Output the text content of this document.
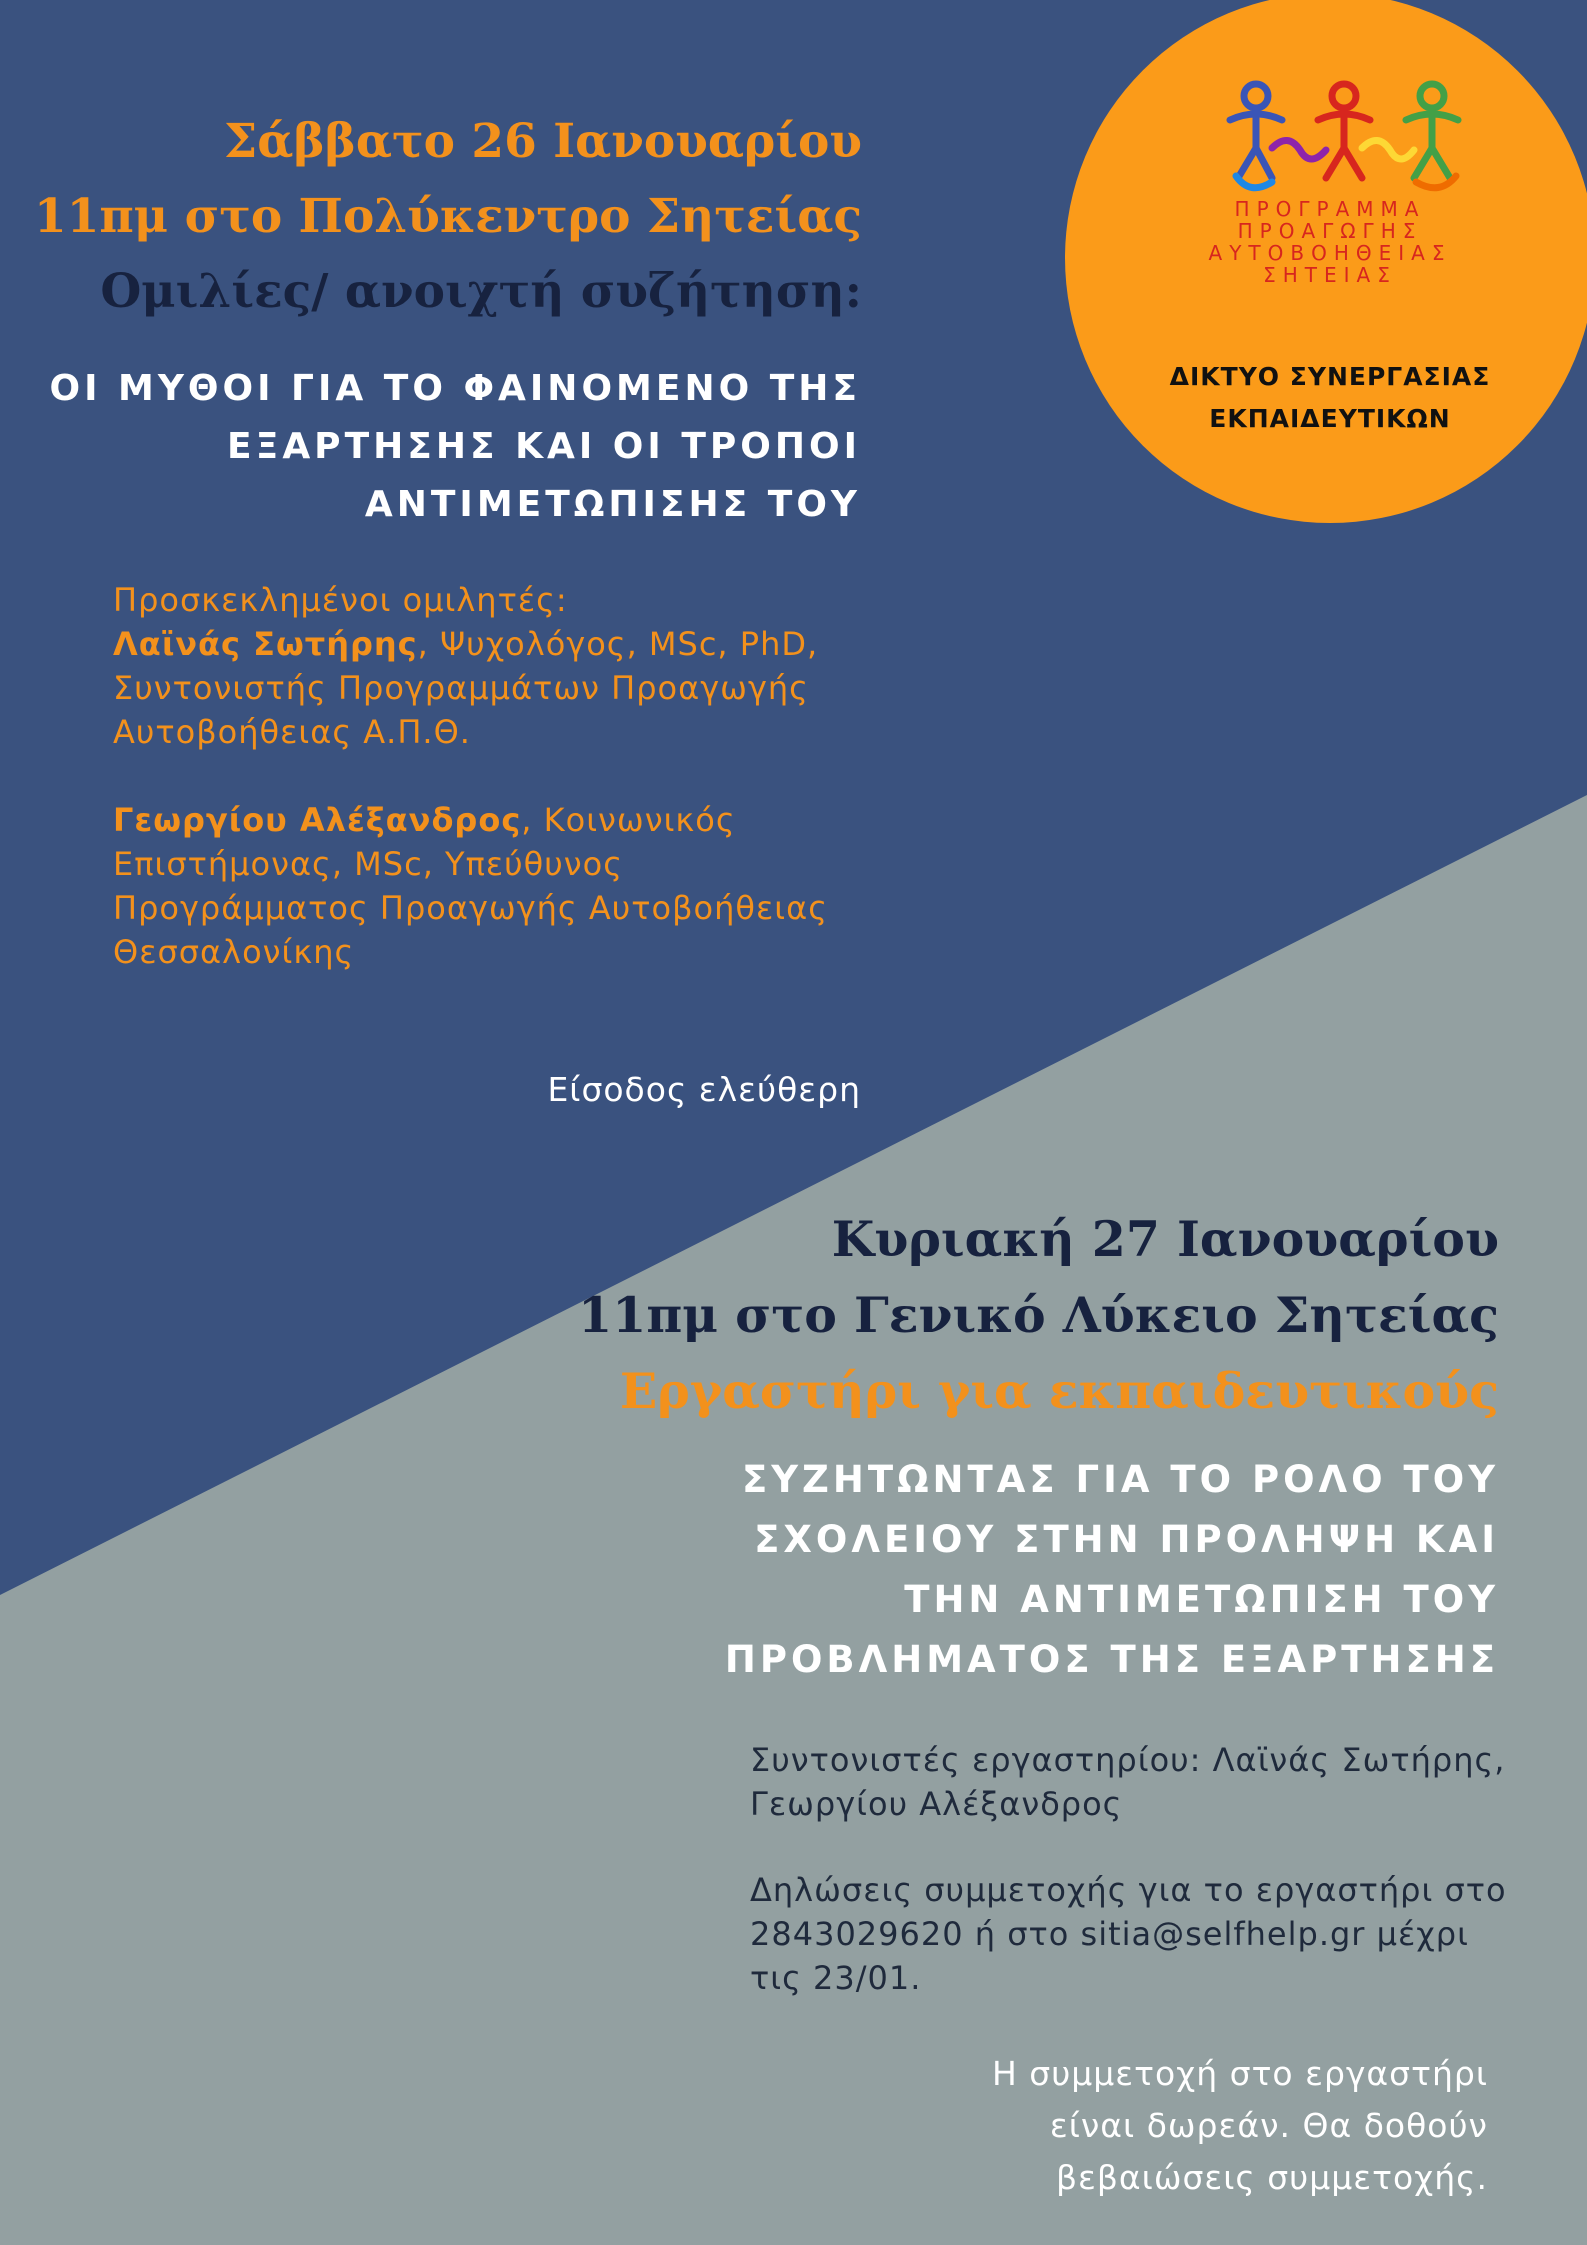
ΠΡΟΓΡΑΜΜΑ
ΠΡΟΑΓΩΓΗΣ
ΑΥΤΟΒΟΗΘΕΙΑΣ
ΣΗΤΕΙΑΣ
ΔΙΚΤΥΟ ΣΥΝΕΡΓΑΣΙΑΣ
ΕΚΠΑΙΔΕΥΤΙΚΩΝ
Σάββατο 26 Ιανουαρίου
11πμ στο Πολύκεντρο Σητείας
Ομιλίες/ ανοιχτή συζήτηση:
ΟΙ ΜΥΘΟΙ ΓΙΑ ΤΟ ΦΑΙΝΟΜΕΝΟ ΤΗΣ
ΕΞΑΡΤΗΣΗΣ ΚΑΙ ΟΙ ΤΡΟΠΟΙ
ΑΝΤΙΜΕΤΩΠΙΣΗΣ ΤΟΥ
Προσκεκλημένοι ομιλητές:
Λαϊνάς Σωτήρης, Ψυχολόγος, MSc, PhD,
Συντονιστής Προγραμμάτων Προαγωγής
Αυτοβοήθειας Α.Π.Θ.
Γεωργίου Αλέξανδρος, Κοινωνικός
Επιστήμονας, MSc, Υπεύθυνος
Προγράμματος Προαγωγής Αυτοβοήθειας
Θεσσαλονίκης
Είσοδος ελεύθερη
Κυριακή 27 Ιανουαρίου
11πμ στο Γενικό Λύκειο Σητείας
Εργαστήρι για εκπαιδευτικούς
ΣΥΖΗΤΩΝΤΑΣ ΓΙΑ ΤΟ ΡΟΛΟ ΤΟΥ
ΣΧΟΛΕΙΟΥ ΣΤΗΝ ΠΡΟΛΗΨΗ ΚΑΙ
ΤΗΝ ΑΝΤΙΜΕΤΩΠΙΣΗ ΤΟΥ
ΠΡΟΒΛΗΜΑΤΟΣ ΤΗΣ ΕΞΑΡΤΗΣΗΣ
Συντονιστές εργαστηρίου: Λαϊνάς Σωτήρης,
Γεωργίου Αλέξανδρος
Δηλώσεις συμμετοχής για το εργαστήρι στο
2843029620 ή στο sitia@selfhelp.gr μέχρι
τις 23/01.
Η συμμετοχή στο εργαστήρι
είναι δωρεάν. Θα δοθούν
βεβαιώσεις συμμετοχής.
